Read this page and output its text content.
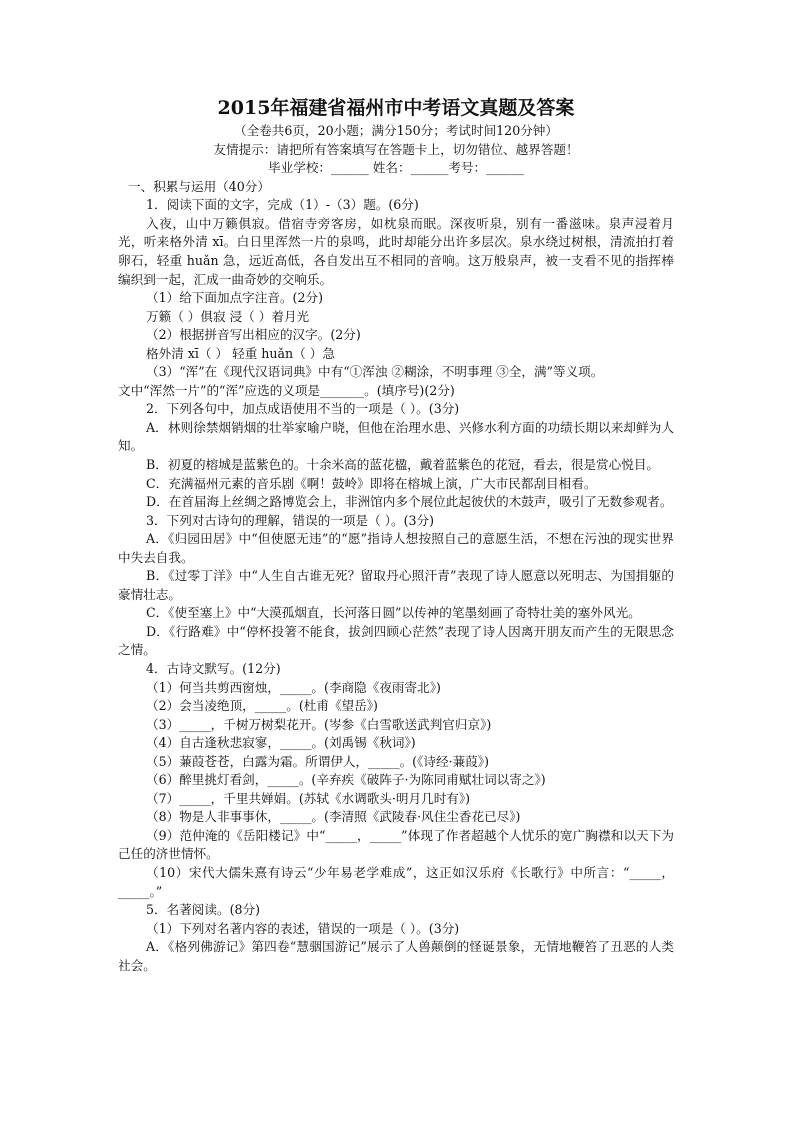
2015年福建省福州市中考语文真题及答案
（全卷共6页，20小题；满分150分；考试时间120分钟）
友情提示：请把所有答案填写在答题卡上，切勿错位、越界答题！
毕业学校：______ 姓名：______考号：______
一、积累与运用（40分）
1．阅读下面的文字，完成（1）-（3）题。(6分)
入夜，山中万籁俱寂。借宿寺旁客房，如枕泉而眠。深夜听泉，别有一番滋味。泉声浸着月光，听来格外清 xī。白日里浑然一片的泉鸣，此时却能分出许多层次。泉水绕过树根，清流拍打着卵石，轻重 huǎn 急，远近高低，各自发出互不相同的音响。这万般泉声，被一支看不见的指挥棒编织到一起，汇成一曲奇妙的交响乐。
（1）给下面加点字注音。(2分)
万籁（ ）俱寂 浸（ ）着月光
（2）根据拼音写出相应的汉字。(2分)
格外清 xī（ ） 轻重 huǎn（ ）急
（3）“浑”在《现代汉语词典》中有“①浑浊 ②糊涂，不明事理 ③全，满”等义项。
文中“浑然一片”的“浑”应选的义项是_______。(填序号)(2分)
2．下列各句中，加点成语使用不当的一项是（ ）。(3分)
A．林则徐禁烟销烟的壮举家喻户晓，但他在治理水患、兴修水利方面的功绩长期以来却鲜为人知。
B．初夏的榕城是蓝紫色的。十余米高的蓝花楹，戴着蓝紫色的花冠，看去，很是赏心悦目。
C．充满福州元素的音乐剧《啊！鼓岭》即将在榕城上演，广大市民都刮目相看。
D．在首届海上丝绸之路博览会上，非洲馆内多个展位此起彼伏的木鼓声，吸引了无数参观者。
3．下列对古诗句的理解，错误的一项是（ ）。(3分)
A．《归园田居》中“但使愿无违”的“愿”指诗人想按照自己的意愿生活，不想在污浊的现实世界中失去自我。
B．《过零丁洋》中“人生自古谁无死？留取丹心照汗青”表现了诗人愿意以死明志、为国捐躯的豪情壮志。
C．《使至塞上》中“大漠孤烟直，长河落日圆”以传神的笔墨刻画了奇特壮美的塞外风光。
D．《行路难》中“停杯投箸不能食，拔剑四顾心茫然”表现了诗人因离开朋友而产生的无限思念之情。
4．古诗文默写。(12分)
（1）何当共剪西窗烛，_____。(李商隐《夜雨寄北》)
（2）会当凌绝顶，_____。(杜甫《望岳》)
（3）_____，千树万树梨花开。(岑参《白雪歌送武判官归京》)
（4）自古逢秋悲寂寥，_____。(刘禹锡《秋词》)
（5）蒹葭苍苍，白露为霜。所谓伊人，_____。(《诗经·蒹葭》)
（6）醉里挑灯看剑，_____。(辛弃疾《破阵子·为陈同甫赋壮词以寄之》)
（7）_____，千里共婵娟。(苏轼《水调歌头·明月几时有》)
（8）物是人非事事休，_____。(李清照《武陵春·风住尘香花已尽》)
（9）范仲淹的《岳阳楼记》中“_____，_____”体现了作者超越个人忧乐的宽广胸襟和以天下为己任的济世情怀。
（10）宋代大儒朱熹有诗云“少年易老学难成”，这正如汉乐府《长歌行》中所言：“_____，_____。”
5．名著阅读。(8分)
（1）下列对名著内容的表述，错误的一项是（ ）。(3分)
A．《格列佛游记》第四卷“慧骃国游记”展示了人兽颠倒的怪诞景象，无情地鞭笞了丑恶的人类社会。
